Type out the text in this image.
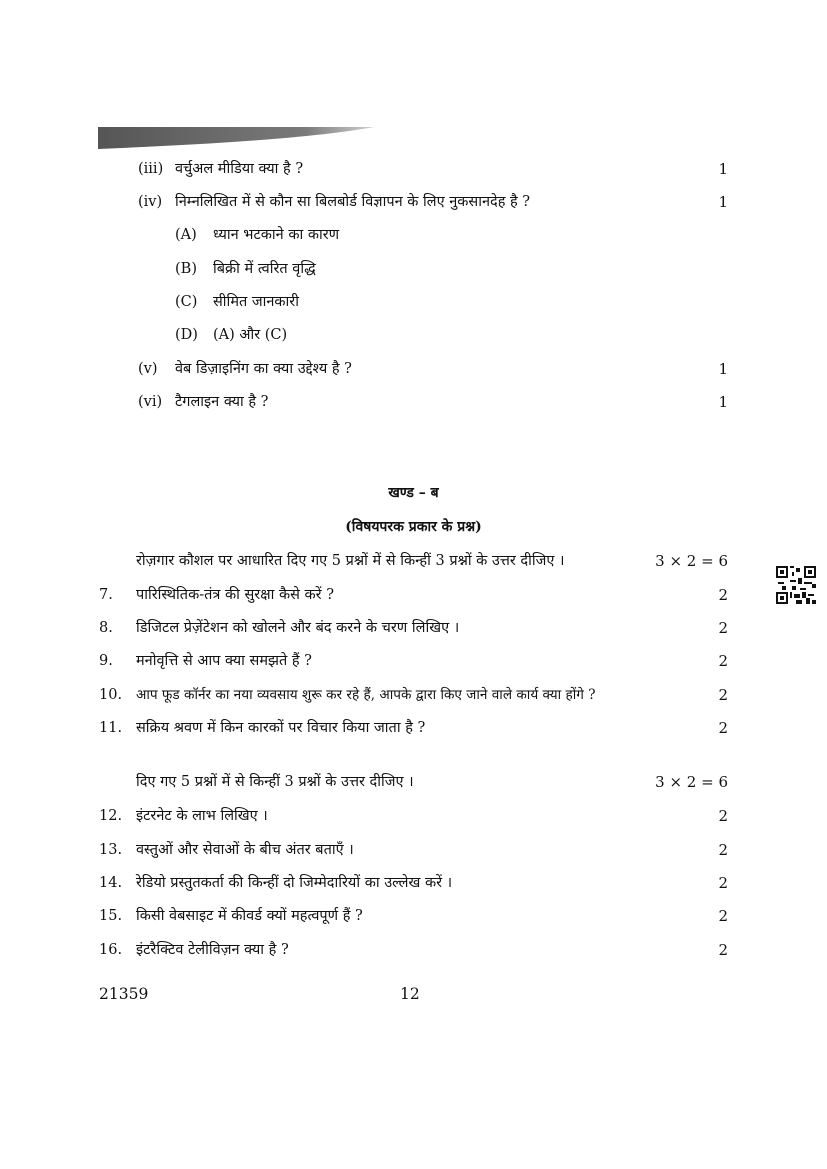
(iii) वर्चुअल मीडिया क्या है ?	1
(iv) निम्नलिखित में से कौन सा बिलबोर्ड विज्ञापन के लिए नुकसानदेह है ?	1
(A) ध्यान भटकाने का कारण
(B) बिक्री में त्वरित वृद्धि
(C) सीमित जानकारी
(D) (A) और (C)
(v) वेब डिज़ाइनिंग का क्या उद्देश्य है ?	1
(vi) टैगलाइन क्या है ?	1
खण्ड – ब
(विषयपरक प्रकार के प्रश्न)
रोज़गार कौशल पर आधारित दिए गए 5 प्रश्नों में से किन्हीं 3 प्रश्नों के उत्तर दीजिए ।	3 × 2 = 6
7. पारिस्थितिक-तंत्र की सुरक्षा कैसे करें ?	2
8. डिजिटल प्रेज़ेंटेशन को खोलने और बंद करने के चरण लिखिए ।	2
9. मनोवृत्ति से आप क्या समझते हैं ?	2
10. आप फूड कॉर्नर का नया व्यवसाय शुरू कर रहे हैं, आपके द्वारा किए जाने वाले कार्य क्या होंगे ?	2
11. सक्रिय श्रवण में किन कारकों पर विचार किया जाता है ?	2
दिए गए 5 प्रश्नों में से किन्हीं 3 प्रश्नों के उत्तर दीजिए ।	3 × 2 = 6
12. इंटरनेट के लाभ लिखिए ।	2
13. वस्तुओं और सेवाओं के बीच अंतर बताएँ ।	2
14. रेडियो प्रस्तुतकर्ता की किन्हीं दो जिम्मेदारियों का उल्लेख करें ।	2
15. किसी वेबसाइट में कीवर्ड क्यों महत्वपूर्ण हैं ?	2
16. इंटरैक्टिव टेलीविज़न क्या है ?	2
21359	12
